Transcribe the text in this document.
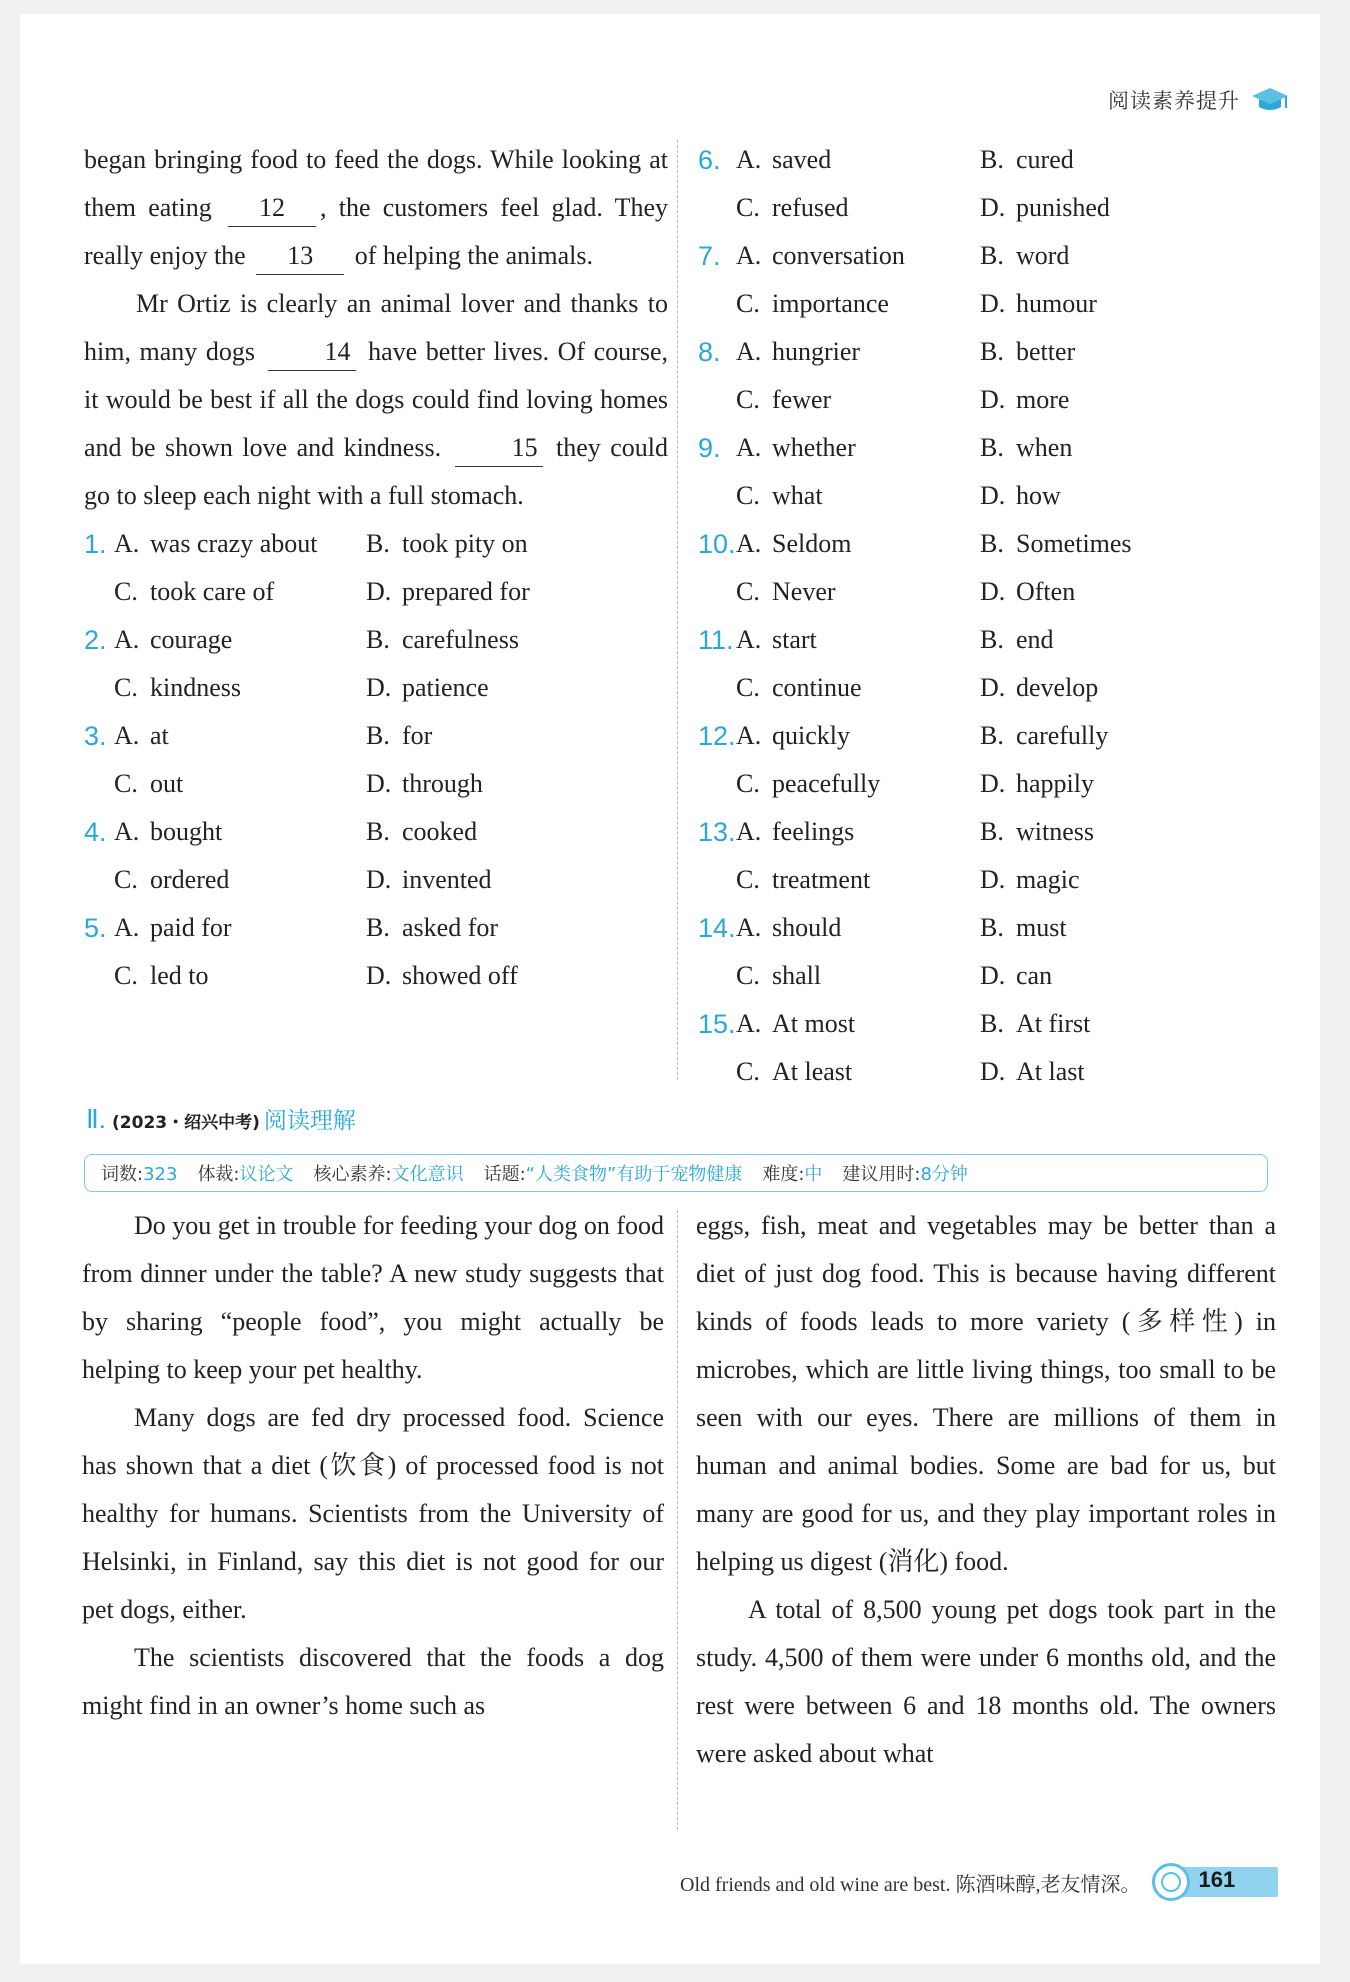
阅读素养提升

began bringing food to feed the dogs. While looking at them eating 12 , the customers feel glad. They really enjoy the 13 of helping the animals.

Mr Ortiz is clearly an animal lover and thanks to him, many dogs	14 have better lives. Of course, it would be best if all the dogs could find loving homes and be shown love and kindness.	15 they could go to sleep each night with a full stomach.

1. A. was crazy about B. took pity on
C. took care of	D. prepared for
2. A. courage	B. carefulness
C. kindness	D. patience
3. A. at	B. for
C. out	D. through
4. A. bought	B. cooked
C. ordered	D. invented
5. A. paid for	B. asked for
C. led to	D. showed off
6. A. saved	B. cured
C. refused	D. punished
7. A. conversation	B. word
C. importance	D. humour
8. A. hungrier	B. better
C. fewer	D. more
9. A. whether	B. when
C. what	D. how
10. A. Seldom	B. Sometimes
C. Never	D. Often
11. A. start	B. end
C. continue	D. develop
12. A. quickly	B. carefully
C. peacefully	D. happily
13. A. feelings	B. witness
C. treatment	D. magic
14. A. should	B. must
C. shall	D. can
15. A. At most	B. At first
C. At least	D. At last
Ⅱ. (2023・绍兴中考) 阅读理解
词数:323 体裁:议论文 核心素养:文化意识 话题:“人类食物”有助于宠物健康 难度:中 建议用时:8分钟

Do you get in trouble for feeding your dog on food from dinner under the table? A new study suggests that by sharing “people food”, you might actually be helping to keep your pet healthy.

Many dogs are fed dry processed food. Science has shown that a diet (饮食) of processed food is not healthy for humans. Scientists from the University of Helsinki, in Finland, say this diet is not good for our pet dogs, either.

The scientists discovered that the foods a dog might find in an owner’s home such as

eggs, fish, meat and vegetables may be better than a diet of just dog food. This is because having different kinds of foods leads to more variety (多样性) in microbes, which are little living things, too small to be seen with our eyes. There are millions of them in human and animal bodies. Some are bad for us, but many are good for us, and they play important roles in helping us digest (消化) food.

A total of 8,500 young pet dogs took part in the study. 4,500 of them were under 6 months old, and the rest were between 6 and 18 months old. The owners were asked about what

Old friends and old wine are best. 陈酒味醇,老友情深。	161
